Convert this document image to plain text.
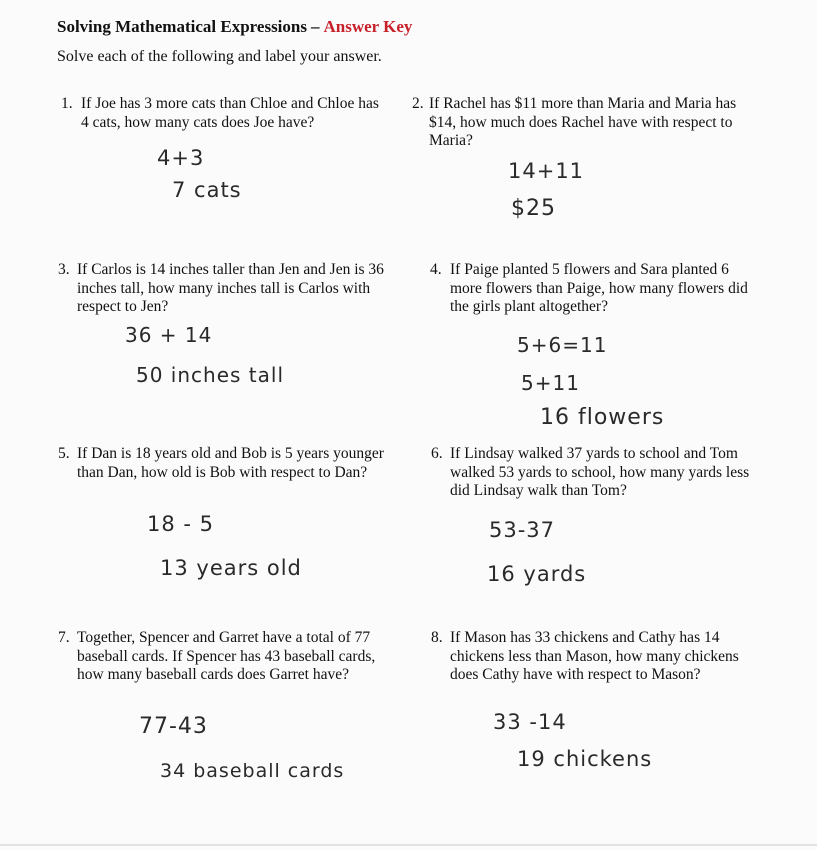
Solving Mathematical Expressions – Answer Key
Solve each of the following and label your answer.
1. If Joe has 3 more cats than Chloe and Chloe has 4 cats, how many cats does Joe have?
4+3
7 cats
2. If Rachel has $11 more than Maria and Maria has $14, how much does Rachel have with respect to Maria?
14+11
$25
3. If Carlos is 14 inches taller than Jen and Jen is 36 inches tall, how many inches tall is Carlos with respect to Jen?
36 + 14
50 inches tall
4. If Paige planted 5 flowers and Sara planted 6 more flowers than Paige, how many flowers did the girls plant altogether?
5+6=11
5+11
16 flowers
5. If Dan is 18 years old and Bob is 5 years younger than Dan, how old is Bob with respect to Dan?
18 - 5
13 years old
6. If Lindsay walked 37 yards to school and Tom walked 53 yards to school, how many yards less did Lindsay walk than Tom?
53-37
16 yards
7. Together, Spencer and Garret have a total of 77 baseball cards. If Spencer has 43 baseball cards, how many baseball cards does Garret have?
77-43
34 baseball cards
8. If Mason has 33 chickens and Cathy has 14 chickens less than Mason, how many chickens does Cathy have with respect to Mason?
33 -14
19 chickens
